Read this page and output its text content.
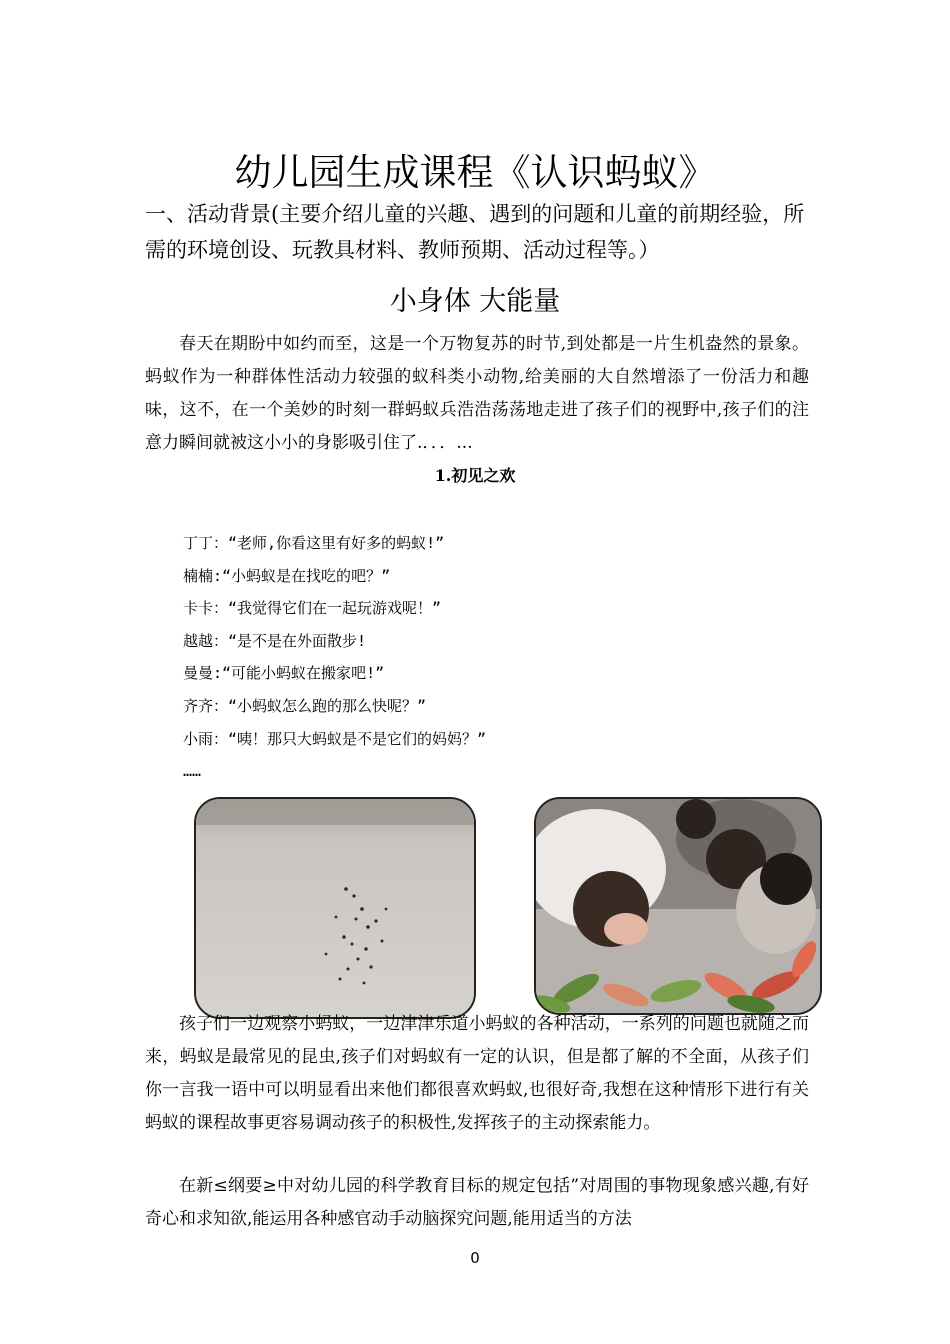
幼儿园生成课程《认识蚂蚁》
一、活动背景(主要介绍儿童的兴趣、遇到的问题和儿童的前期经验，所需的环境创设、玩教具材料、教师预期、活动过程等。）
小身体 大能量
春天在期盼中如约而至，这是一个万物复苏的时节,到处都是一片生机盎然的景象。蚂蚁作为一种群体性活动力较强的蚁科类小动物,给美丽的大自然增添了一份活力和趣味，这不，在一个美妙的时刻一群蚂蚁兵浩浩荡荡地走进了孩子们的视野中,孩子们的注意力瞬间就被这小小的身影吸引住了.．．．...
1.初见之欢
丁丁：“老师,你看这里有好多的蚂蚁!”
楠楠:“小蚂蚁是在找吃的吧？”
卡卡：“我觉得它们在一起玩游戏呢！”
越越：“是不是在外面散步!
曼曼:“可能小蚂蚁在搬家吧!”
齐齐：“小蚂蚁怎么跑的那么快呢？”
小雨：“咦！那只大蚂蚁是不是它们的妈妈？”
……
孩子们一边观察小蚂蚁，一边津津乐道小蚂蚁的各种活动，一系列的问题也就随之而来，蚂蚁是最常见的昆虫,孩子们对蚂蚁有一定的认识，但是都了解的不全面，从孩子们你一言我一语中可以明显看出来他们都很喜欢蚂蚁,也很好奇,我想在这种情形下进行有关蚂蚁的课程故事更容易调动孩子的积极性,发挥孩子的主动探索能力。
在新≤纲要≥中对幼儿园的科学教育目标的规定包括”对周围的事物现象感兴趣,有好奇心和求知欲,能运用各种感官动手动脑探究问题,能用适当的方法
0
